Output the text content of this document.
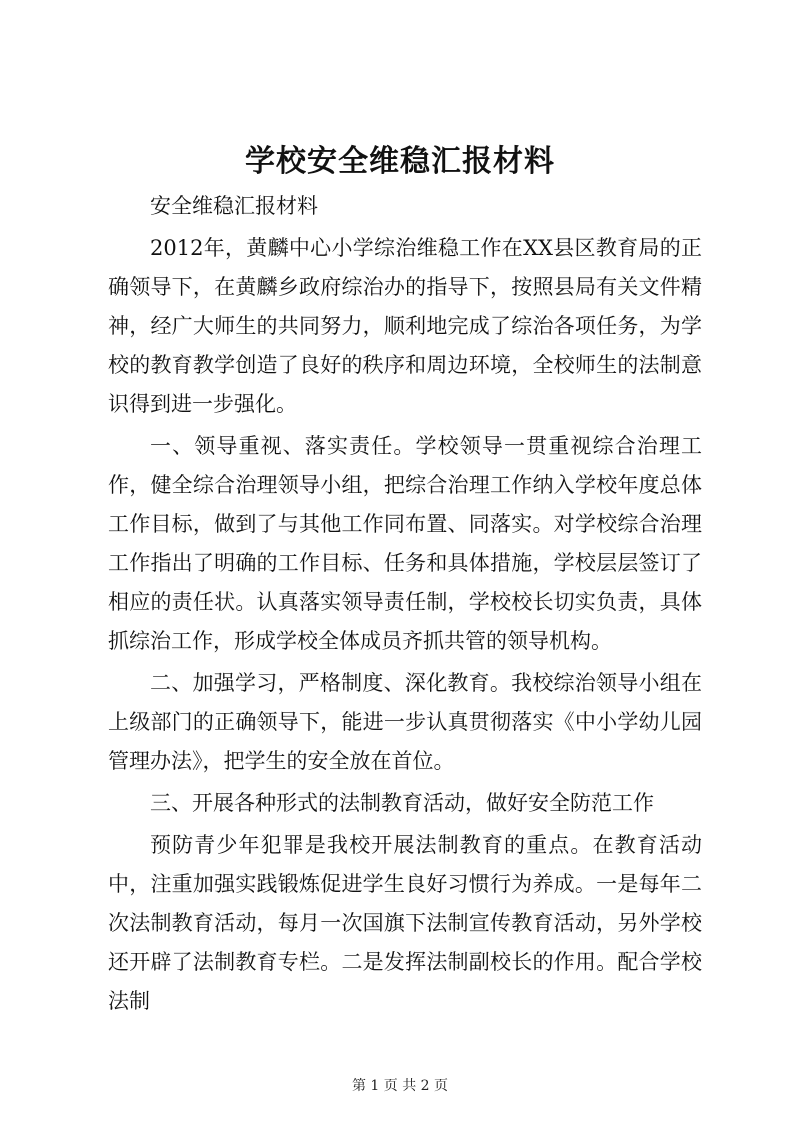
学校安全维稳汇报材料

安全维稳汇报材料

2012年，黄麟中心小学综治维稳工作在XX县区教育局的正确领导下，在黄麟乡政府综治办的指导下，按照县局有关文件精神，经广大师生的共同努力，顺利地完成了综治各项任务，为学校的教育教学创造了良好的秩序和周边环境，全校师生的法制意识得到进一步强化。

一、领导重视、落实责任。学校领导一贯重视综合治理工作，健全综合治理领导小组，把综合治理工作纳入学校年度总体工作目标，做到了与其他工作同布置、同落实。对学校综合治理工作指出了明确的工作目标、任务和具体措施，学校层层签订了相应的责任状。认真落实领导责任制，学校校长切实负责，具体抓综治工作，形成学校全体成员齐抓共管的领导机构。

二、加强学习，严格制度、深化教育。我校综治领导小组在上级部门的正确领导下，能进一步认真贯彻落实《中小学幼儿园管理办法》，把学生的安全放在首位。

三、开展各种形式的法制教育活动，做好安全防范工作

预防青少年犯罪是我校开展法制教育的重点。在教育活动中，注重加强实践锻炼促进学生良好习惯行为养成。一是每年二次法制教育活动，每月一次国旗下法制宣传教育活动，另外学校还开辟了法制教育专栏。二是发挥法制副校长的作用。配合学校法制

第 1 页 共 2 页
